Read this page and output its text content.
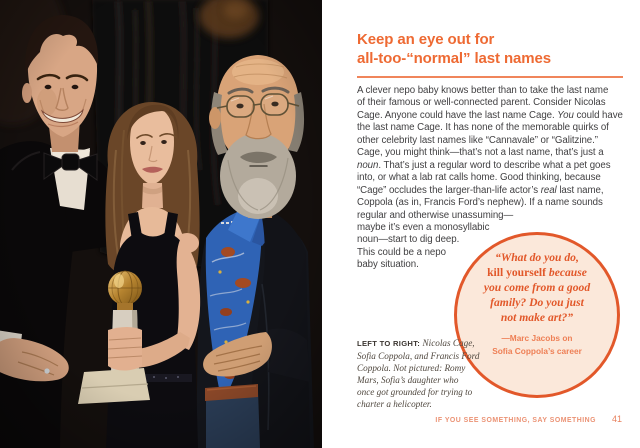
Keep an eye out for
all-too-“normal” last names

A clever nepo baby knows better than to take the last name
of their famous or well-connected parent. Consider Nicolas
Cage. Anyone could have the last name Cage. You could have
the last name Cage. It has none of the memorable quirks of
other celebrity last names like “Cannavale” or “Galitzine.”
Cage, you might think—that’s not a last name, that’s just a
noun. That’s just a regular word to describe what a pet goes
into, or what a lab rat calls home. Good thinking, because
“Cage” occludes the larger-than-life actor’s real last name,
Coppola (as in, Francis Ford’s nephew). If a name sounds
regular and otherwise unassuming—
maybe it’s even a monosyllabic
noun—start to dig deep.
This could be a nepo
baby situation.

“What do you do,
kill yourself because
you come from a good
family? Do you just
not make art?”
—Marc Jacobs on
Sofia Coppola’s career

LEFT TO RIGHT: Nicolas Cage,
Sofia Coppola, and Francis Ford
Coppola. Not pictured: Romy
Mars, Sofia’s daughter who
once got grounded for trying to
charter a helicopter.

IF YOU SEE SOMETHING, SAY SOMETHING 41
